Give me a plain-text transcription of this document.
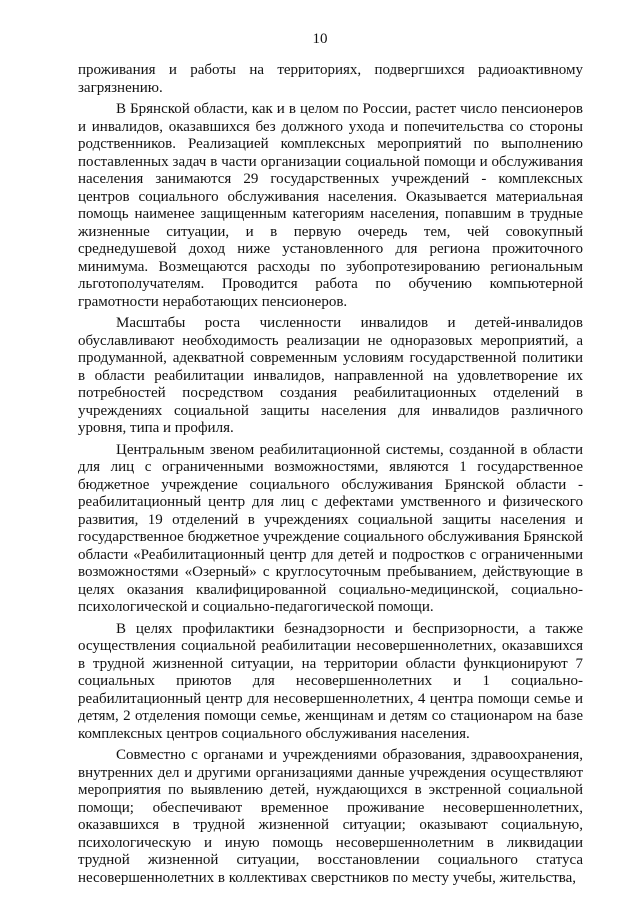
10

проживания и работы на территориях, подвергшихся радиоактивному загрязнению.

В Брянской области, как и в целом по России, растет число пенсионеров и инвалидов, оказавшихся без должного ухода и попечительства со стороны родственников. Реализацией комплексных мероприятий по выполнению поставленных задач в части организации социальной помощи и обслуживания населения занимаются 29 государственных учреждений - комплексных центров социального обслуживания населения. Оказывается материальная помощь наименее защищенным категориям населения, попавшим в трудные жизненные ситуации, и в первую очередь тем, чей совокупный среднедушевой доход ниже установленного для региона прожиточного минимума. Возмещаются расходы по зубопротезированию региональным льготополучателям. Проводится работа по обучению компьютерной грамотности неработающих пенсионеров.

Масштабы роста численности инвалидов и детей-инвалидов обуславливают необходимость реализации не одноразовых мероприятий, а продуманной, адекватной современным условиям государственной политики в области реабилитации инвалидов, направленной на удовлетворение их потребностей посредством создания реабилитационных отделений в учреждениях социальной защиты населения для инвалидов различного уровня, типа и профиля.

Центральным звеном реабилитационной системы, созданной в области для лиц с ограниченными возможностями, являются 1 государственное бюджетное учреждение социального обслуживания Брянской области - реабилитационный центр для лиц с дефектами умственного и физического развития, 19 отделений в учреждениях социальной защиты населения и государственное бюджетное учреждение социального обслуживания Брянской области «Реабилитационный центр для детей и подростков с ограниченными возможностями «Озерный» с круглосуточным пребыванием, действующие в целях оказания квалифицированной социально-медицинской, социально-психологической и социально-педагогической помощи.

В целях профилактики безнадзорности и беспризорности, а также осуществления социальной реабилитации несовершеннолетних, оказавшихся в трудной жизненной ситуации, на территории области функционируют 7 социальных приютов для несовершеннолетних и 1 социально-реабилитационный центр для несовершеннолетних, 4 центра помощи семье и детям, 2 отделения помощи семье, женщинам и детям со стационаром на базе комплексных центров социального обслуживания населения.

Совместно с органами и учреждениями образования, здравоохранения, внутренних дел и другими организациями данные учреждения осуществляют мероприятия по выявлению детей, нуждающихся в экстренной социальной помощи; обеспечивают временное проживание несовершеннолетних, оказавшихся в трудной жизненной ситуации; оказывают социальную, психологическую и иную помощь несовершеннолетним в ликвидации трудной жизненной ситуации, восстановлении социального статуса несовершеннолетних в коллективах сверстников по месту учебы, жительства,
